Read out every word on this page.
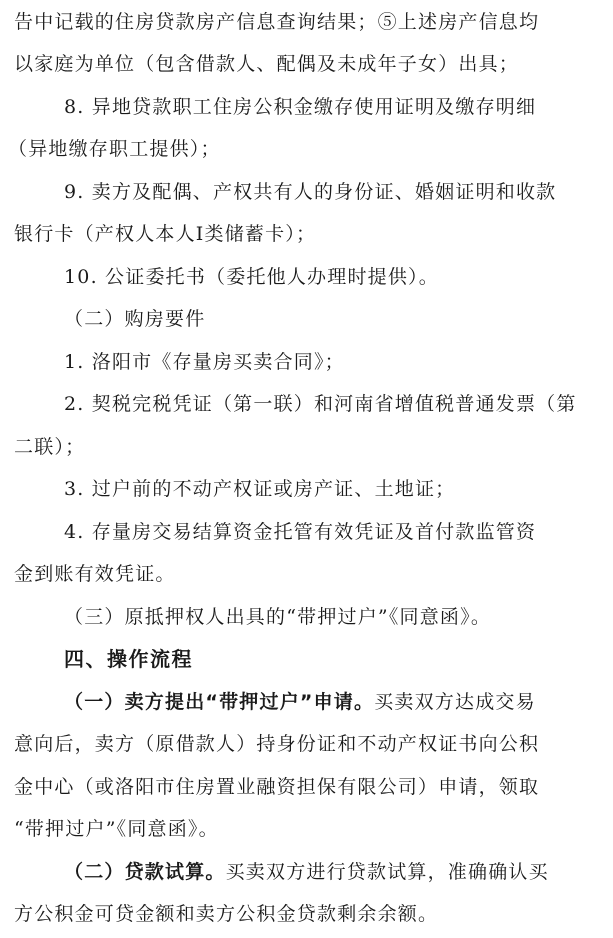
告中记载的住房贷款房产信息查询结果；⑤上述房产信息均
以家庭为单位（包含借款人、配偶及未成年子女）出具；
8. 异地贷款职工住房公积金缴存使用证明及缴存明细
（异地缴存职工提供）；
9. 卖方及配偶、产权共有人的身份证、婚姻证明和收款
银行卡（产权人本人Ⅰ类储蓄卡）；
10. 公证委托书（委托他人办理时提供）。
（二）购房要件
1. 洛阳市《存量房买卖合同》；
2. 契税完税凭证（第一联）和河南省增值税普通发票（第
二联）；
3. 过户前的不动产权证或房产证、土地证；
4. 存量房交易结算资金托管有效凭证及首付款监管资
金到账有效凭证。
（三）原抵押权人出具的“带押过户”《同意函》。
四、操作流程
（一）卖方提出“带押过户”申请。买卖双方达成交易
意向后，卖方（原借款人）持身份证和不动产权证书向公积
金中心（或洛阳市住房置业融资担保有限公司）申请，领取
“带押过户”《同意函》。
（二）贷款试算。买卖双方进行贷款试算，准确确认买
方公积金可贷金额和卖方公积金贷款剩余余额。
